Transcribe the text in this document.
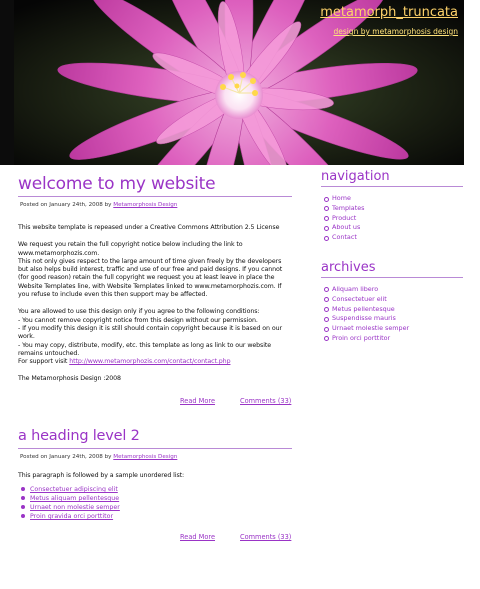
metamorph_truncata
design by metamorphosis design
welcome to my website
Posted on January 24th, 2008 by Metamorphosis Design

This website template is repeased under a Creative Commons Attribution 2.5 License

We request you retain the full copyright notice below including the link to www.metamorphozis.com.
This not only gives respect to the large amount of time given freely by the developers but also helps build interest, traffic and use of our free and paid designs. If you cannot (for good reason) retain the full copyright we request you at least leave in place the Website Templates line, with Website Templates linked to www.metamorphozis.com. If you refuse to include even this then support may be affected.

You are allowed to use this design only if you agree to the following conditions:
- You cannot remove copyright notice from this design without our permission.
- If you modify this design it is still should contain copyright because it is based on our work.
- You may copy, distribute, modify, etc. this template as long as link to our website remains untouched.
For support visit http://www.metamorphozis.com/contact/contact.php

The Metamorphosis Design :2008

Read More	Comments (33)
a heading level 2
Posted on January 24th, 2008 by Metamorphosis Design

This paragraph is followed by a sample unordered list:

Consectetuer adipiscing elit
Metus aliquam pellentesque
Urnaet non molestie semper
Proin gravida orci porttitor
Read More	Comments (33)
navigation
Home
Templates
Product
About us
Contact
archives
Aliquam libero
Consectetuer elit
Metus pellentesque
Suspendisse mauris
Urnaet molestie semper
Proin orci porttitor
